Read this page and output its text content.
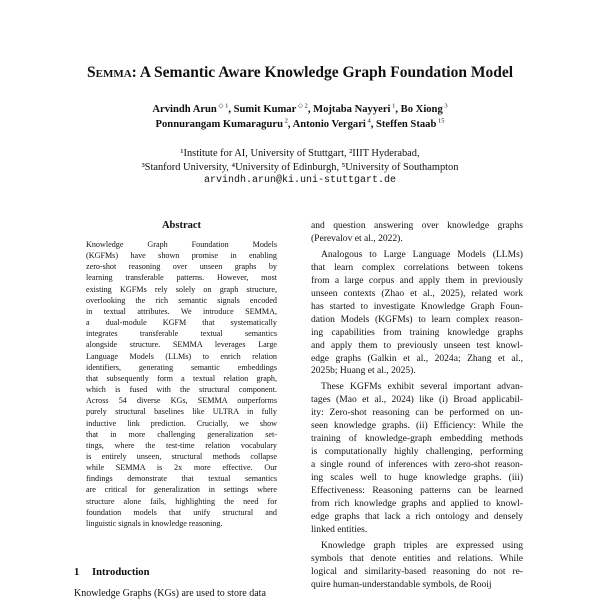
Semma: A Semantic Aware Knowledge Graph Foundation Model
Arvindh Arun $^{◇ 1}$, Sumit Kumar $^{◇ 2}$, Mojtaba Nayyeri $^1$, Bo Xiong $^3$
Ponnurangam Kumaraguru $^2$, Antonio Vergari $^4$, Steffen Staab $^{15}$
¹Institute for AI, University of Stuttgart, ²IIIT Hyderabad,
³Stanford University, ⁴University of Edinburgh, ⁵University of Southampton
arvindh.arun@ki.uni-stuttgart.de
Abstract
Knowledge Graph Foundation Models
(KGFMs) have shown promise in enabling
zero-shot reasoning over unseen graphs by
learning transferable patterns. However, most
existing KGFMs rely solely on graph structure,
overlooking the rich semantic signals encoded
in textual attributes. We introduce SEMMA,
a dual-module KGFM that systematically
integrates transferable textual semantics
alongside structure. SEMMA leverages Large
Language Models (LLMs) to enrich relation
identifiers, generating semantic embeddings
that subsequently form a textual relation graph,
which is fused with the structural component.
Across 54 diverse KGs, SEMMA outperforms
purely structural baselines like ULTRA in fully
inductive link prediction. Crucially, we show
that in more challenging generalization set-
tings, where the test-time relation vocabulary
is entirely unseen, structural methods collapse
while SEMMA is 2x more effective. Our
findings demonstrate that textual semantics
are critical for generalization in settings where
structure alone fails, highlighting the need for
foundation models that unify structural and
linguistic signals in knowledge reasoning.
1 Introduction
Knowledge Graphs (KGs) are used to store data
and question answering over knowledge graphs
(Perevalov et al., 2022).
Analogous to Large Language Models (LLMs)
that learn complex correlations between tokens
from a large corpus and apply them in previously
unseen contexts (Zhao et al., 2025), related work
has started to investigate Knowledge Graph Foun-
dation Models (KGFMs) to learn complex reason-
ing capabilities from training knowledge graphs
and apply them to previously unseen test knowl-
edge graphs (Galkin et al., 2024a; Zhang et al.,
2025b; Huang et al., 2025).
These KGFMs exhibit several important advan-
tages (Mao et al., 2024) like (i) Broad applicabil-
ity: Zero-shot reasoning can be performed on un-
seen knowledge graphs. (ii) Efficiency: While the
training of knowledge-graph embedding methods
is computationally highly challenging, performing
a single round of inferences with zero-shot reason-
ing scales well to huge knowledge graphs. (iii)
Effectiveness: Reasoning patterns can be learned
from rich knowledge graphs and applied to knowl-
edge graphs that lack a rich ontology and densely
linked entities.
Knowledge graph triples are expressed using
symbols that denote entities and relations. While
logical and similarity-based reasoning do not re-
quire human-understandable symbols, de Rooij
